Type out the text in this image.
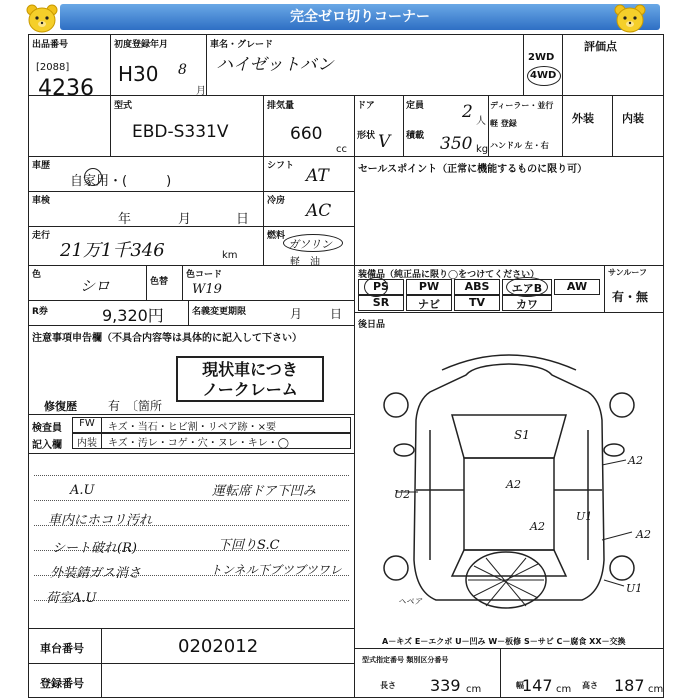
完全ゼロ切りコーナー
出品番号
[2088]
4236
初度登録年月
H30 8
月
車名・グレード
ハイゼットバン	2WD
4WD
評価点
型式
EBD-S331V
排気量
660
cc
ドア
形状 V
定員 2 人
積載 350 kg
ディーラー・並行
軽 登録
ハンドル 左・右
外装	内装
車歴
自家用・(　　　)
シフト AT	セールスポイント（正常に機能するものに限り可）
車検
年	月	日
冷房 AC
走行
21万1千346	km
燃料
ガソリン
軽　油
色
シロ	色替
色コード
W19
装備品（純正品に限り◯をつけてください）	サンルーフ
有・無
PS	PW	ABS	エアB	AW
SR	ナビ	TV	カワ
R券	9,320円	名義変更期限	月 日
後日品
注意事項申告欄（不具合内容等は具体的に記入して下さい）
現状車につき
ノークレーム
修復歴	有 〔箇所
検査員
記入欄
FW	キズ・当石・ヒビ割・リペア跡・×要
内装	キズ・汚レ・コゲ・穴・ヌレ・キレ・◯
A.U	運転席ドア下凹み
車内にホコリ汚れ
下回りS.C
シート破れ(R)
トンネル下ブツブツワレ
外装錆ガス消さ
荷室A.U
S1
A2
U2
A2
U1
A2
U1
A2
ヘペア
A－キズ E－エクボ U－凹み W－板修 S－サビ C－腐食 XX－交換
車台番号	0202012
登録番号
型式指定番号 類別区分番号
長さ 339 cm	幅
147 cm 高さ 187 cm
